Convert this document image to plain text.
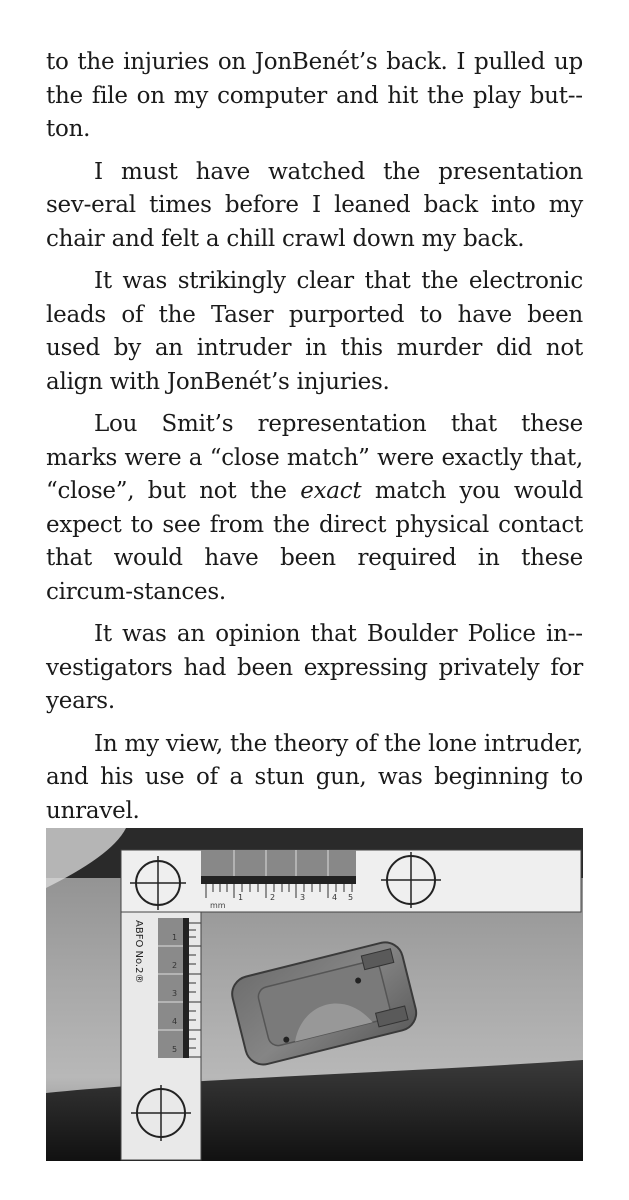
to the injuries on JonBenét’s back. I pulled up the file on my computer and hit the play but-ton.

I must have watched the presentation sev-eral times before I leaned back into my chair and felt a chill crawl down my back.

It was strikingly clear that the electronic leads of the Taser purported to have been used by an intruder in this murder did not align with JonBenét’s injuries.

Lou Smit’s representation that these marks were a “close match” were exactly that, “close”, but not the exact match you would expect to see from the direct physical contact that would have been required in these circum-stances.

It was an opinion that Boulder Police in-vestigators had been expressing privately for years.

In my view, the theory of the lone intruder, and his use of a stun gun, was beginning to unravel.

mm
1	2	3	4 5
ABFO No.2®	1
2
3
4
5
